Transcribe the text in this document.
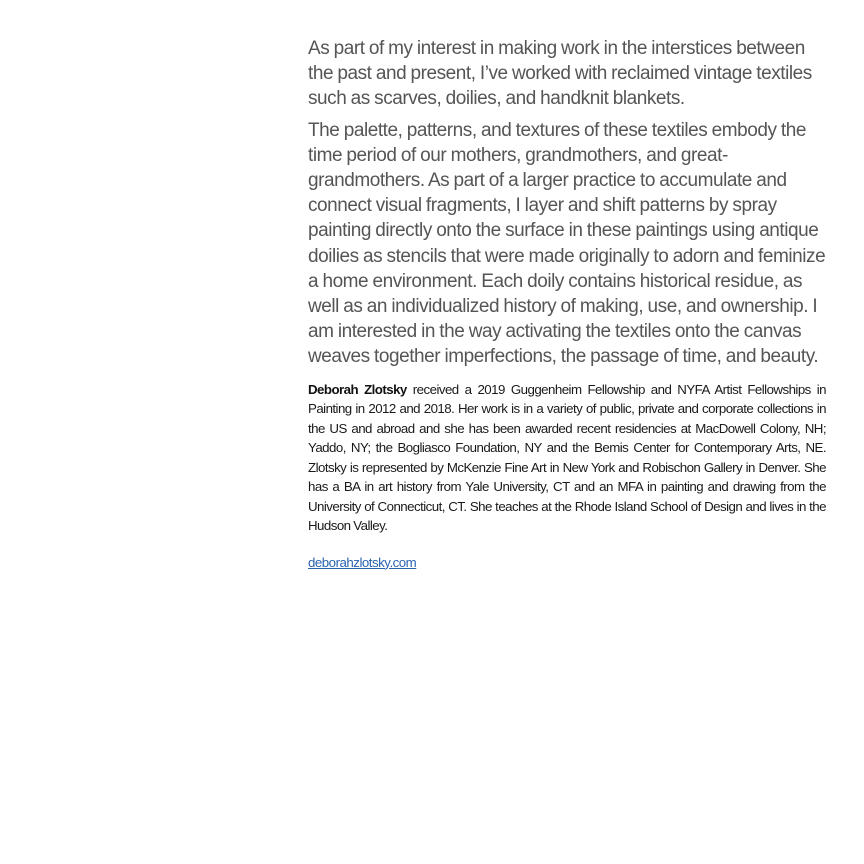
As part of my interest in making work in the interstices between the past and present, I’ve worked with reclaimed vintage textiles such as scarves, doilies, and handknit blankets.

The palette, patterns, and textures of these textiles embody the time period of our mothers, grandmothers, and great-grandmothers. As part of a larger practice to accumulate and connect visual fragments, I layer and shift patterns by spray painting directly onto the surface in these paintings using antique doilies as stencils that were made originally to adorn and feminize a home environment. Each doily contains historical residue, as well as an individualized history of making, use, and ownership. I am interested in the way activating the textiles onto the canvas weaves together imperfections, the passage of time, and beauty.

Deborah Zlotsky received a 2019 Guggenheim Fellowship and NYFA Artist Fellowships in Painting in 2012 and 2018. Her work is in a variety of public, private and corporate collections in the US and abroad and she has been awarded recent residencies at MacDowell Colony, NH; Yaddo, NY; the Bogliasco Foundation, NY and the Bemis Center for Contemporary Arts, NE. Zlotsky is represented by McKenzie Fine Art in New York and Robischon Gallery in Denver. She has a BA in art history from Yale University, CT and an MFA in painting and drawing from the University of Connecticut, CT. She teaches at the Rhode Island School of Design and lives in the Hudson Valley.

deborahzlotsky.com
